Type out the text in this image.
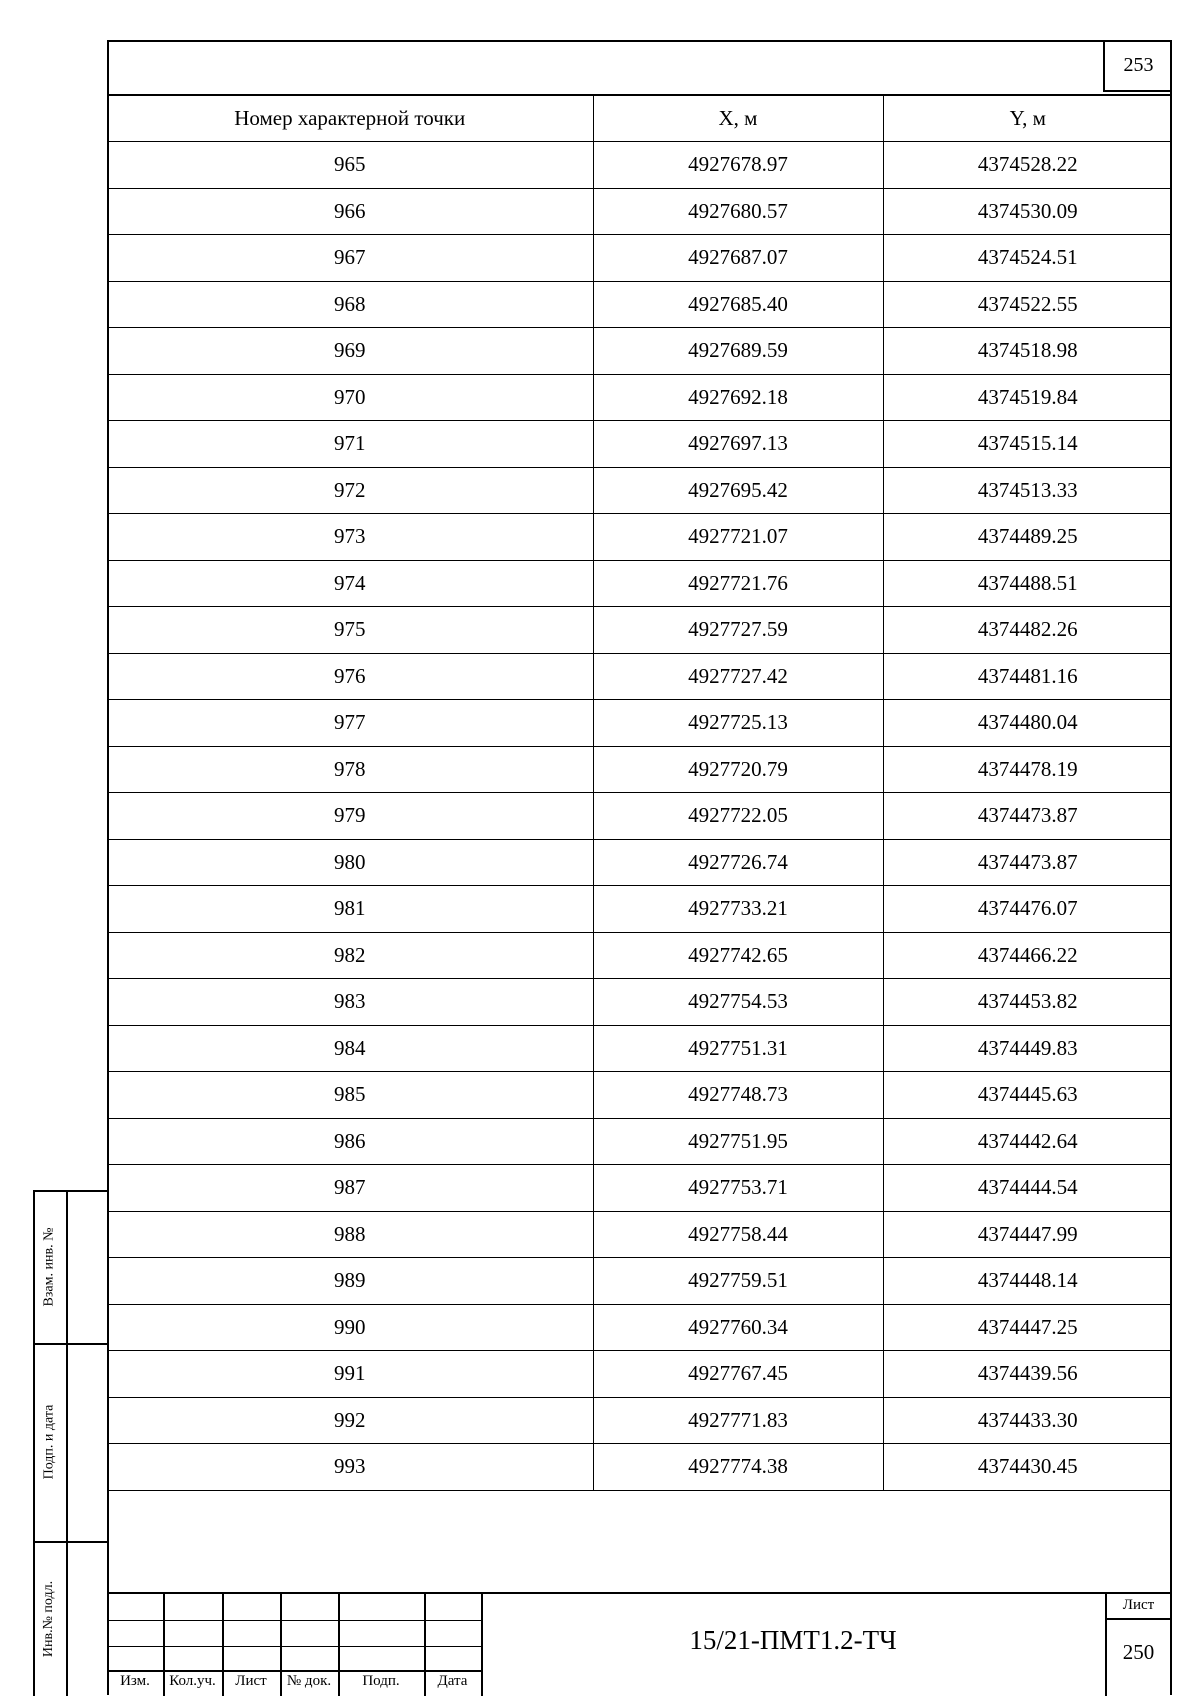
253
Номер характерной точки	X, м	Y, м
965	4927678.97	4374528.22
966	4927680.57	4374530.09
967	4927687.07	4374524.51
968	4927685.40	4374522.55
969	4927689.59	4374518.98
970	4927692.18	4374519.84
971	4927697.13	4374515.14
972	4927695.42	4374513.33
973	4927721.07	4374489.25
974	4927721.76	4374488.51
975	4927727.59	4374482.26
976	4927727.42	4374481.16
977	4927725.13	4374480.04
978	4927720.79	4374478.19
979	4927722.05	4374473.87
980	4927726.74	4374473.87
981	4927733.21	4374476.07
982	4927742.65	4374466.22
983	4927754.53	4374453.82
984	4927751.31	4374449.83
985	4927748.73	4374445.63
986	4927751.95	4374442.64
987	4927753.71	4374444.54
988	4927758.44	4374447.99
989	4927759.51	4374448.14
990	4927760.34	4374447.25
991	4927767.45	4374439.56
992	4927771.83	4374433.30
993	4927774.38	4374430.45
Взам. инв. №
Подп. и дата
Инв.№ подл.
Изм.	Кол.уч.	Лист	№ док.	Подп.	Дата
15/21-ПМТ1.2-ТЧ
Лист
250
